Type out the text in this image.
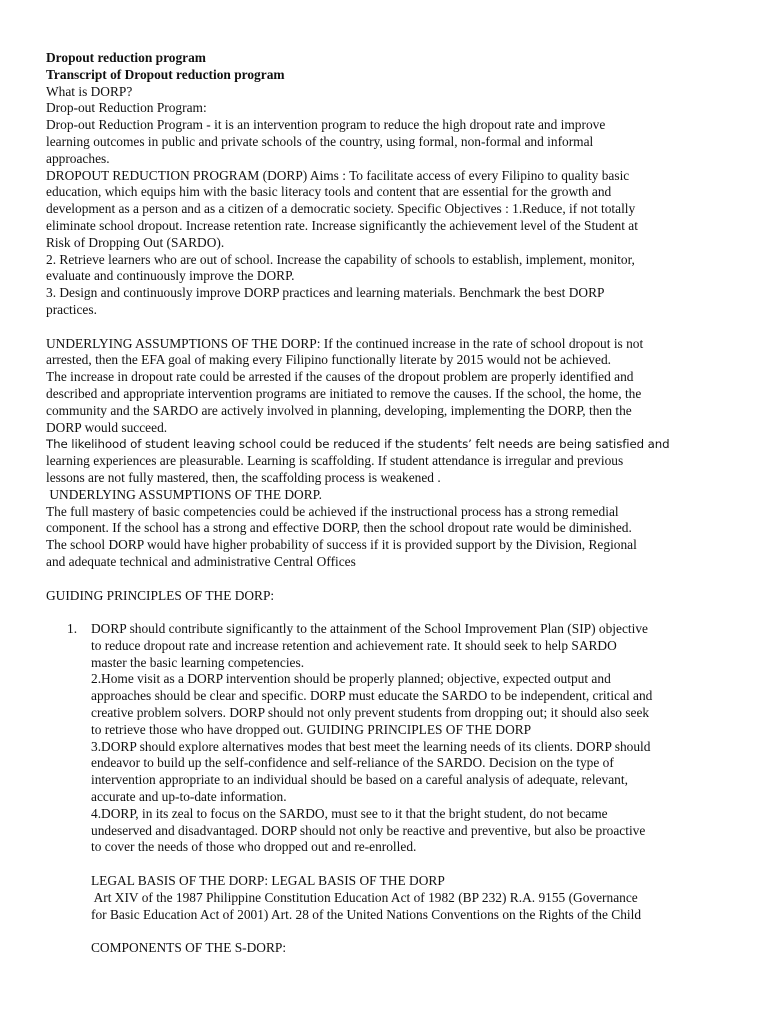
Dropout reduction program
Transcript of Dropout reduction program
What is DORP?
Drop-out Reduction Program:
Drop-out Reduction Program - it is an intervention program to reduce the high dropout rate and improve
learning outcomes in public and private schools of the country, using formal, non-formal and informal
approaches.
DROPOUT REDUCTION PROGRAM (DORP) Aims : To facilitate access of every Filipino to quality basic
education, which equips him with the basic literacy tools and content that are essential for the growth and
development as a person and as a citizen of a democratic society. Specific Objectives : 1.Reduce, if not totally
eliminate school dropout. Increase retention rate. Increase significantly the achievement level of the Student at
Risk of Dropping Out (SARDO).
2. Retrieve learners who are out of school. Increase the capability of schools to establish, implement, monitor,
evaluate and continuously improve the DORP.
3. Design and continuously improve DORP practices and learning materials. Benchmark the best DORP
practices.
UNDERLYING ASSUMPTIONS OF THE DORP: If the continued increase in the rate of school dropout is not
arrested, then the EFA goal of making every Filipino functionally literate by 2015 would not be achieved.
The increase in dropout rate could be arrested if the causes of the dropout problem are properly identified and
described and appropriate intervention programs are initiated to remove the causes. If the school, the home, the
community and the SARDO are actively involved in planning, developing, implementing the DORP, then the
DORP would succeed.
The likelihood of student leaving school could be reduced if the students’ felt needs are being satisfied and
learning experiences are pleasurable. Learning is scaffolding. If student attendance is irregular and previous
lessons are not fully mastered, then, the scaffolding process is weakened .
UNDERLYING ASSUMPTIONS OF THE DORP.
The full mastery of basic competencies could be achieved if the instructional process has a strong remedial
component. If the school has a strong and effective DORP, then the school dropout rate would be diminished.
The school DORP would have higher probability of success if it is provided support by the Division, Regional
and adequate technical and administrative Central Offices
GUIDING PRINCIPLES OF THE DORP:
1. DORP should contribute significantly to the attainment of the School Improvement Plan (SIP) objective
to reduce dropout rate and increase retention and achievement rate. It should seek to help SARDO
master the basic learning competencies.
2.Home visit as a DORP intervention should be properly planned; objective, expected output and
approaches should be clear and specific. DORP must educate the SARDO to be independent, critical and
creative problem solvers. DORP should not only prevent students from dropping out; it should also seek
to retrieve those who have dropped out. GUIDING PRINCIPLES OF THE DORP
3.DORP should explore alternatives modes that best meet the learning needs of its clients. DORP should
endeavor to build up the self-confidence and self-reliance of the SARDO. Decision on the type of
intervention appropriate to an individual should be based on a careful analysis of adequate, relevant,
accurate and up-to-date information.
4.DORP, in its zeal to focus on the SARDO, must see to it that the bright student, do not became
undeserved and disadvantaged. DORP should not only be reactive and preventive, but also be proactive
to cover the needs of those who dropped out and re-enrolled.
LEGAL BASIS OF THE DORP: LEGAL BASIS OF THE DORP
Art XIV of the 1987 Philippine Constitution Education Act of 1982 (BP 232) R.A. 9155 (Governance
for Basic Education Act of 2001) Art. 28 of the United Nations Conventions on the Rights of the Child
COMPONENTS OF THE S-DORP:
